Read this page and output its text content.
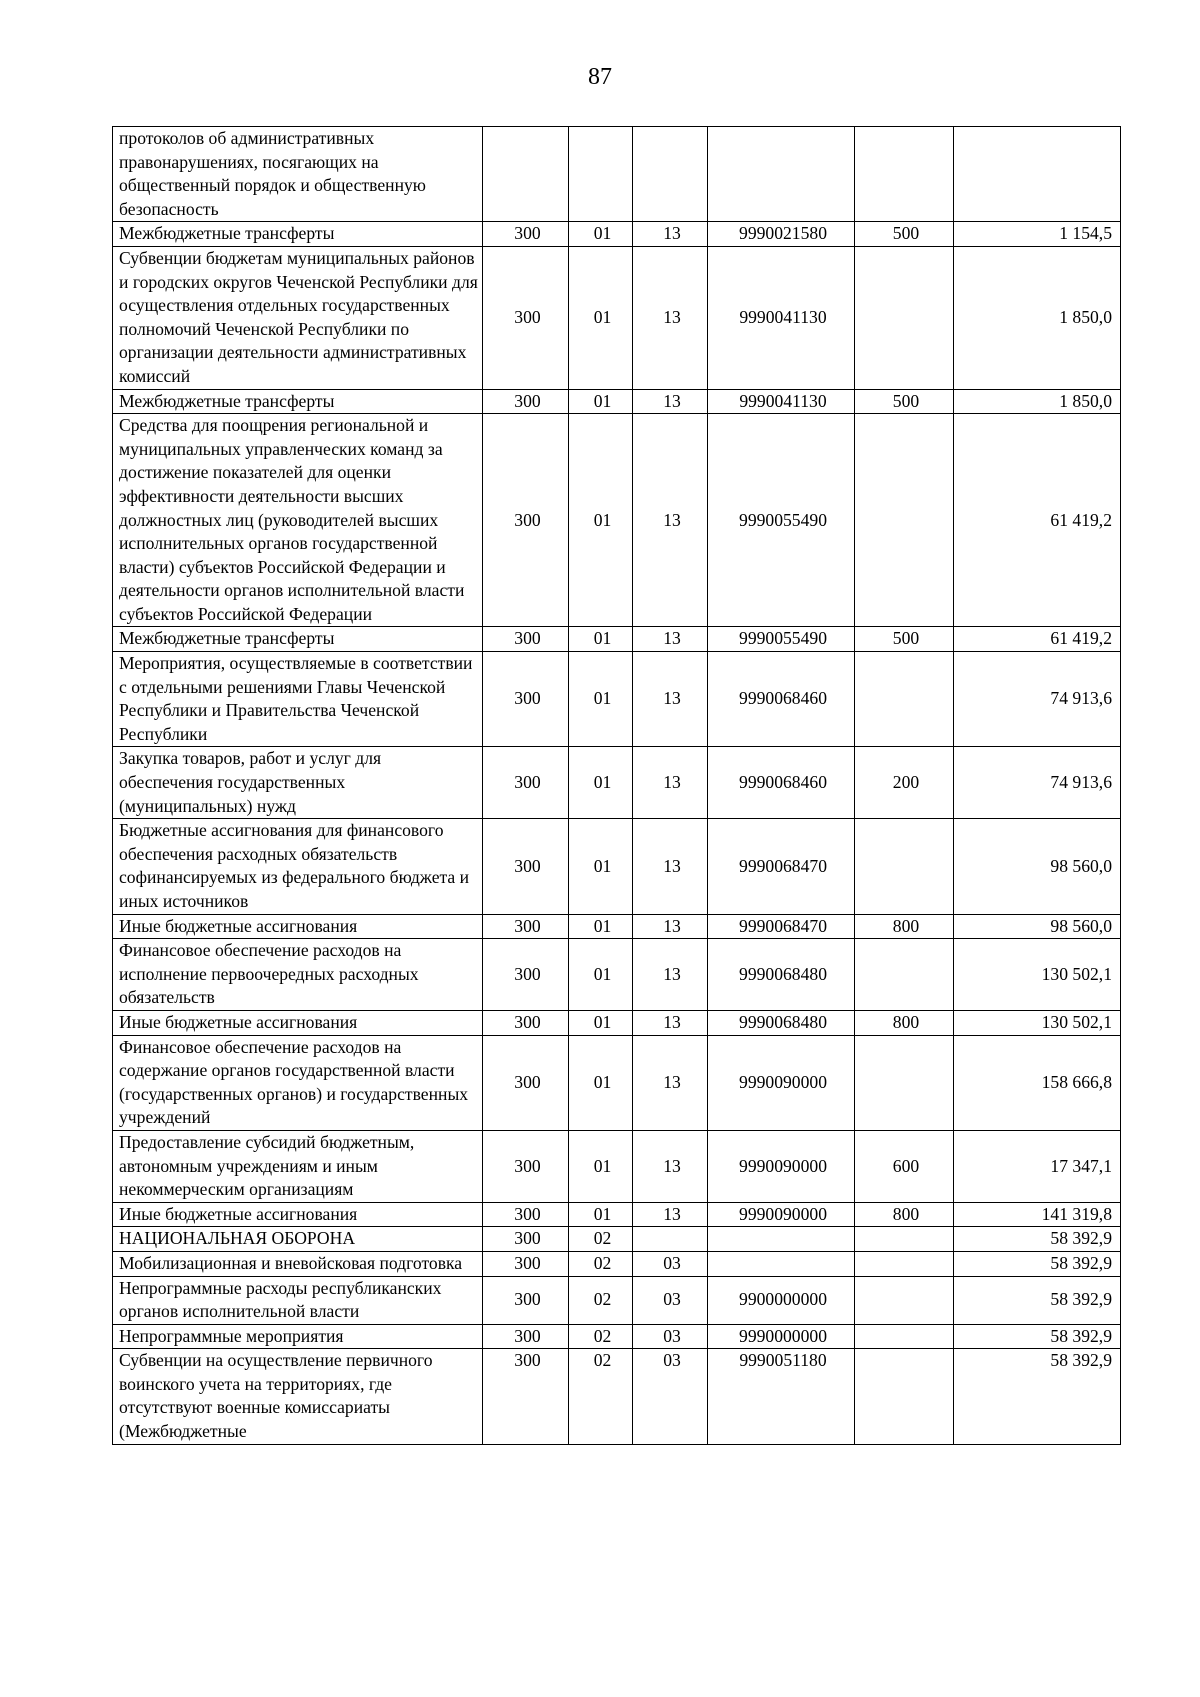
87
протоколов об административных правонарушениях, посягающих на общественный порядок и общественную безопасность						
Межбюджетные трансферты	300	01	13	9990021580	500	1 154,5
Субвенции бюджетам муниципальных районов и городских округов Чеченской Республики для осуществления отдельных государственных полномочий Чеченской Республики по организации деятельности административных комиссий	300	01	13	9990041130		1 850,0
Межбюджетные трансферты	300	01	13	9990041130	500	1 850,0
Средства для поощрения региональной и муниципальных управленческих команд за достижение показателей для оценки эффективности деятельности высших должностных лиц (руководителей высших исполнительных органов государственной власти) субъектов Российской Федерации и деятельности органов исполнительной власти субъектов Российской Федерации	300	01	13	9990055490		61 419,2
Межбюджетные трансферты	300	01	13	9990055490	500	61 419,2
Мероприятия, осуществляемые в соответствии с отдельными решениями Главы Чеченской Республики и Правительства Чеченской Республики	300	01	13	9990068460		74 913,6
Закупка товаров, работ и услуг для обеспечения государственных (муниципальных) нужд	300	01	13	9990068460	200	74 913,6
Бюджетные ассигнования для финансового обеспечения расходных обязательств софинансируемых из федерального бюджета и иных источников	300	01	13	9990068470		98 560,0
Иные бюджетные ассигнования	300	01	13	9990068470	800	98 560,0
Финансовое обеспечение расходов на исполнение первоочередных расходных обязательств	300	01	13	9990068480		130 502,1
Иные бюджетные ассигнования	300	01	13	9990068480	800	130 502,1
Финансовое обеспечение расходов на содержание органов государственной власти (государственных органов) и государственных учреждений	300	01	13	9990090000		158 666,8
Предоставление субсидий бюджетным, автономным учреждениям и иным некоммерческим организациям	300	01	13	9990090000	600	17 347,1
Иные бюджетные ассигнования	300	01	13	9990090000	800	141 319,8
НАЦИОНАЛЬНАЯ ОБОРОНА	300	02				58 392,9
Мобилизационная и вневойсковая подготовка	300	02	03			58 392,9
Непрограммные расходы республиканских органов исполнительной власти	300	02	03	9900000000		58 392,9
Непрограммные мероприятия	300	02	03	9990000000		58 392,9
Субвенции на осуществление первичного воинского учета на территориях, где отсутствуют военные комиссариаты (Межбюджетные	300	02	03	9990051180		58 392,9
